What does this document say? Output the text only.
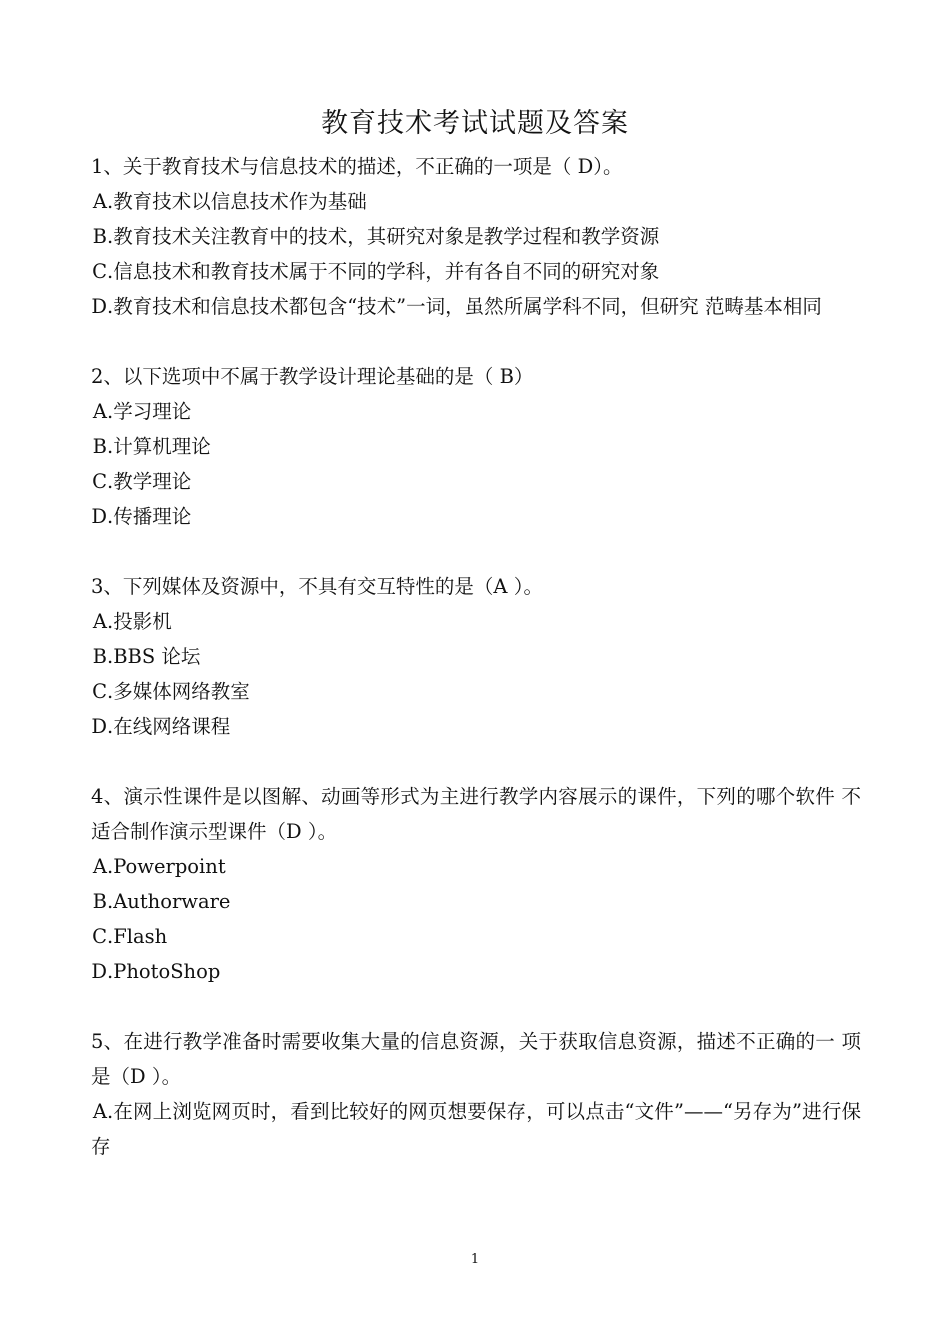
教育技术考试试题及答案

1、关于教育技术与信息技术的描述，不正确的一项是（ D）。

A.教育技术以信息技术作为基础

B.教育技术关注教育中的技术，其研究对象是教学过程和教学资源

C.信息技术和教育技术属于不同的学科，并有各自不同的研究对象

D.教育技术和信息技术都包含“技术”一词，虽然所属学科不同，但研究 范畴基本相同

2、以下选项中不属于教学设计理论基础的是（ B）

A.学习理论

B.计算机理论

C.教学理论

D.传播理论

3、下列媒体及资源中，不具有交互特性的是（A ）。

A.投影机

B.BBS 论坛

C.多媒体网络教室

D.在线网络课程

4、演示性课件是以图解、动画等形式为主进行教学内容展示的课件，下列的哪个软件 不适合制作演示型课件（D ）。

A.Powerpoint

B.Authorware

C.Flash

D.PhotoShop

5、在进行教学准备时需要收集大量的信息资源，关于获取信息资源，描述不正确的一 项是（D ）。

A.在网上浏览网页时，看到比较好的网页想要保存，可以点击“文件”——“另存为”进行保存

1
